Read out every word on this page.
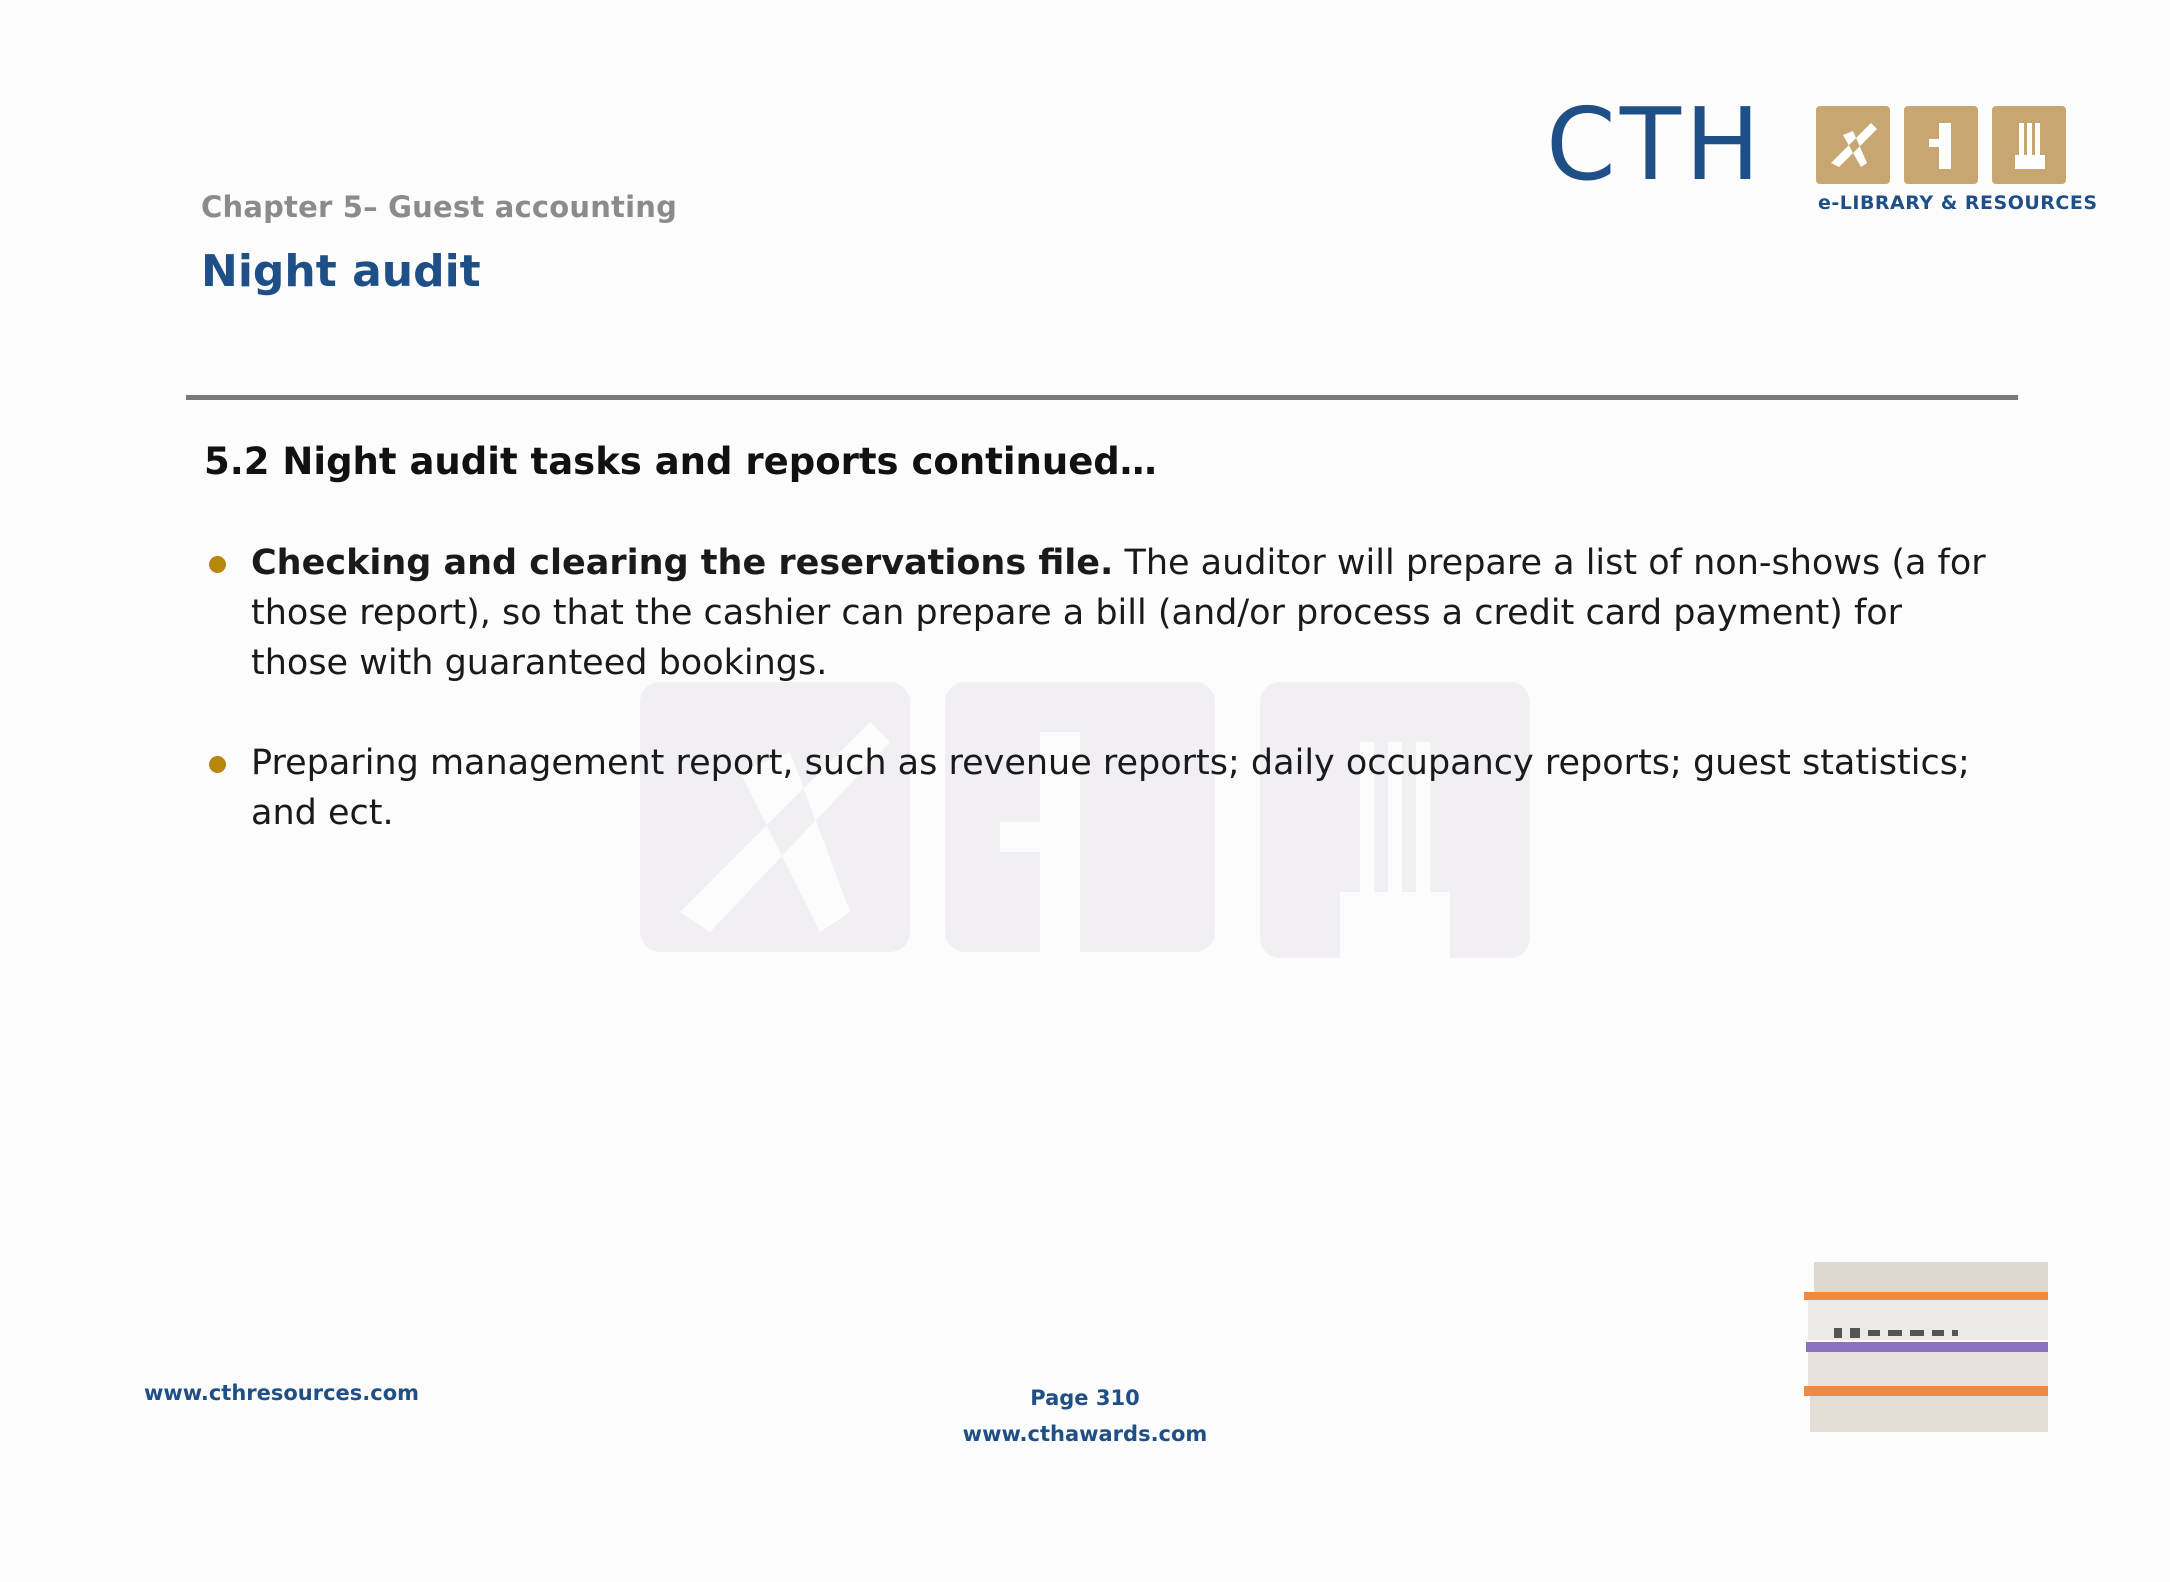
CTH	e-LIBRARY & RESOURCES
Chapter 5– Guest accounting
Night audit
5.2 Night audit tasks and reports continued…
Checking and clearing the reservations file. The auditor will prepare a list of non-shows (a for those report), so that the cashier can prepare a bill (and/or process a credit card payment) for those with guaranteed bookings.
Preparing management report, such as revenue reports; daily occupancy reports; guest statistics; and ect.
www.cthresources.com	Page 310
www.cthawards.com
